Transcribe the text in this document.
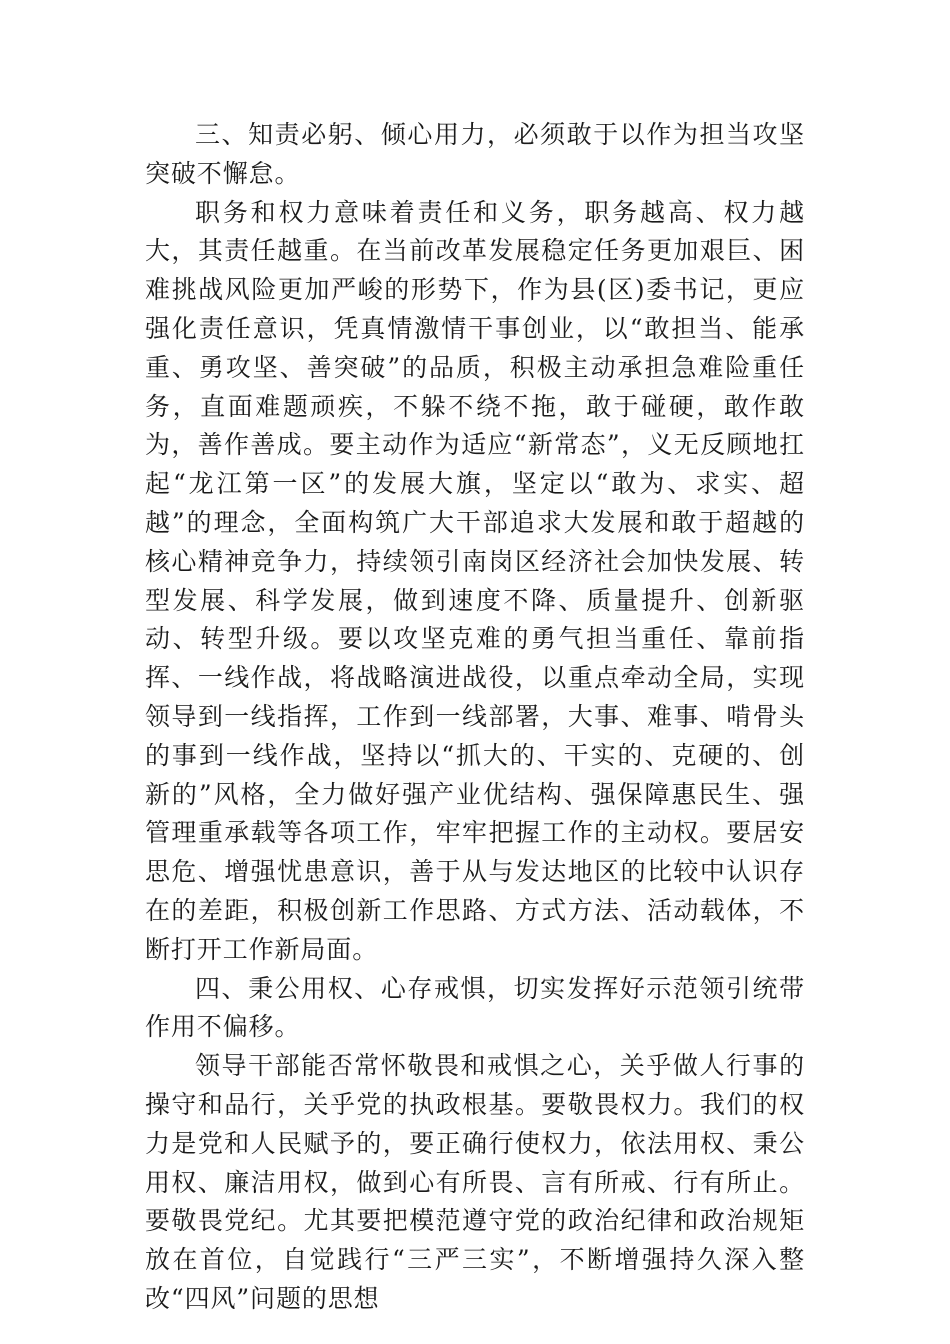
三、知责必躬、倾心用力，必须敢于以作为担当攻坚突破不懈怠。

职务和权力意味着责任和义务，职务越高、权力越大，其责任越重。在当前改革发展稳定任务更加艰巨、困难挑战风险更加严峻的形势下，作为县(区)委书记，更应强化责任意识，凭真情激情干事创业，以“敢担当、能承重、勇攻坚、善突破”的品质，积极主动承担急难险重任务，直面难题顽疾，不躲不绕不拖，敢于碰硬，敢作敢为，善作善成。要主动作为适应“新常态”，义无反顾地扛起“龙江第一区”的发展大旗，坚定以“敢为、求实、超越”的理念，全面构筑广大干部追求大发展和敢于超越的核心精神竞争力，持续领引南岗区经济社会加快发展、转型发展、科学发展，做到速度不降、质量提升、创新驱动、转型升级。要以攻坚克难的勇气担当重任、靠前指挥、一线作战，将战略演进战役，以重点牵动全局，实现领导到一线指挥，工作到一线部署，大事、难事、啃骨头的事到一线作战，坚持以“抓大的、干实的、克硬的、创新的”风格，全力做好强产业优结构、强保障惠民生、强管理重承载等各项工作，牢牢把握工作的主动权。要居安思危、增强忧患意识，善于从与发达地区的比较中认识存在的差距，积极创新工作思路、方式方法、活动载体，不断打开工作新局面。

四、秉公用权、心存戒惧，切实发挥好示范领引统带作用不偏移。

领导干部能否常怀敬畏和戒惧之心，关乎做人行事的操守和品行，关乎党的执政根基。要敬畏权力。我们的权力是党和人民赋予的，要正确行使权力，依法用权、秉公用权、廉洁用权，做到心有所畏、言有所戒、行有所止。要敬畏党纪。尤其要把模范遵守党的政治纪律和政治规矩放在首位，自觉践行“三严三实”，不断增强持久深入整改“四风”问题的思想
